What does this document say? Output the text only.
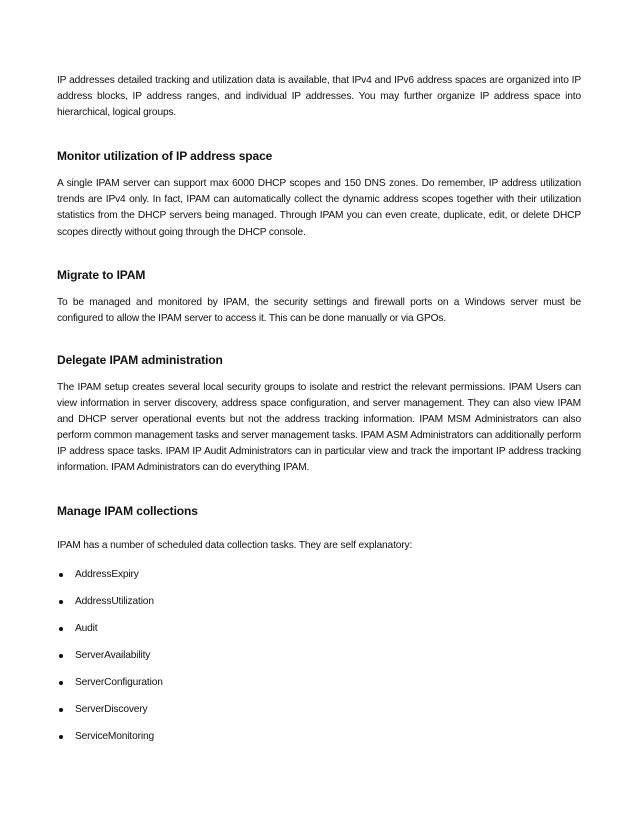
IP addresses detailed tracking and utilization data is available, that IPv4 and IPv6 address spaces are organized into IP address blocks, IP address ranges, and individual IP addresses. You may further organize IP address space into hierarchical, logical groups.

Monitor utilization of IP address space

A single IPAM server can support max 6000 DHCP scopes and 150 DNS zones. Do remember, IP address utilization trends are IPv4 only. In fact, IPAM can automatically collect the dynamic address scopes together with their utilization statistics from the DHCP servers being managed. Through IPAM you can even create, duplicate, edit, or delete DHCP scopes directly without going through the DHCP console.

Migrate to IPAM

To be managed and monitored by IPAM, the security settings and firewall ports on a Windows server must be configured to allow the IPAM server to access it. This can be done manually or via GPOs.

Delegate IPAM administration

The IPAM setup creates several local security groups to isolate and restrict the relevant permissions. IPAM Users can view information in server discovery, address space configuration, and server management. They can also view IPAM and DHCP server operational events but not the address tracking information. IPAM MSM Administrators can also perform common management tasks and server management tasks. IPAM ASM Administrators can additionally perform IP address space tasks. IPAM IP Audit Administrators can in particular view and track the important IP address tracking information. IPAM Administrators can do everything IPAM.

Manage IPAM collections

IPAM has a number of scheduled data collection tasks. They are self explanatory:

AddressExpiry
AddressUtilization
Audit
ServerAvailability
ServerConfiguration
ServerDiscovery
ServiceMonitoring
